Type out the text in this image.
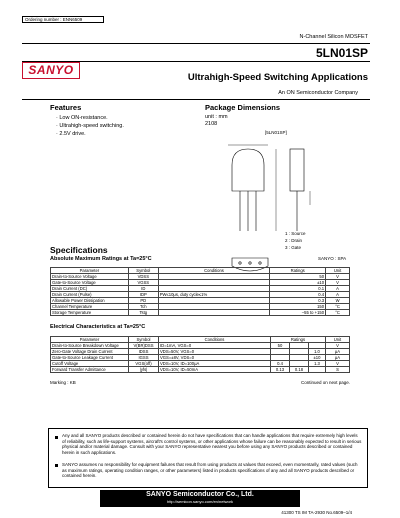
Ordering number : ENN6509
N-Channel Silicon MOSFET
5LN01SP
SANYO
Ultrahigh-Speed Switching Applications
An ON Semiconductor Company
Features
· Low ON-resistance.
· Ultrahigh-speed switching.
· 2.5V drive.
Package Dimensions
unit : mm
2108
[5LN01SP]
1 : Source
2 : Drain
3 : Gate
SANYO : SPA
Specifications
Absolute Maximum Ratings at Ta=25°C
Parameter	Symbol	Conditions	Ratings	Unit
Drain-to-Source Voltage	VDSS		50	V
Gate-to-Source Voltage	VGSS		±10	V
Drain Current (DC)	ID		0.1	A
Drain Current (Pulse)	IDP	PW≤10μs, duty cycle≤1%	0.4	A
Allowable Power Dissipation	PD		0.3	W
Channel Temperature	Tch		150	°C
Storage Temperature	Tstg		–55 to +150	°C
Electrical Characteristics at Ta=25°C
Parameter	Symbol	Conditions	Ratings			Unit
Drain-to-Source Breakdown Voltage	V(BR)DSS	ID=1mA, VGS=0	50			V
Zero-Gate Voltage Drain Current	IDSS	VDS=50V, VGS=0			1.0	μA
Gate-to-Source Leakage Current	IGSS	VGS=±8V, VDS=0			±10	μA
Cutoff Voltage	VGS(off)	VDS=10V, ID=100μA	0.4		1.3	V
Forward Transfer Admittance	|yfs|	VDS=10V, ID=50mA	0.13	0.18		S
Marking : KB	Continued on next page.
Any and all SANYO products described or contained herein do not have specifications that can handle applications that require extremely high levels of reliability, such as life-support systems, aircraft's control systems, or other applications whose failure can be reasonably expected to result in serious physical and/or material damage. Consult with your SANYO representative nearest you before using any SANYO products described or contained herein in such applications.
SANYO assumes no responsibility for equipment failures that result from using products at values that exceed, even momentarily, rated values (such as maximum ratings, operating condition ranges, or other parameters) listed in products specifications of any and all SANYO products described or contained herein.
SANYO Semiconductor Co., Ltd.
http://semicon.sanyo.com/en/network
41300 TS IM TA-2930 No.6509–1/4
